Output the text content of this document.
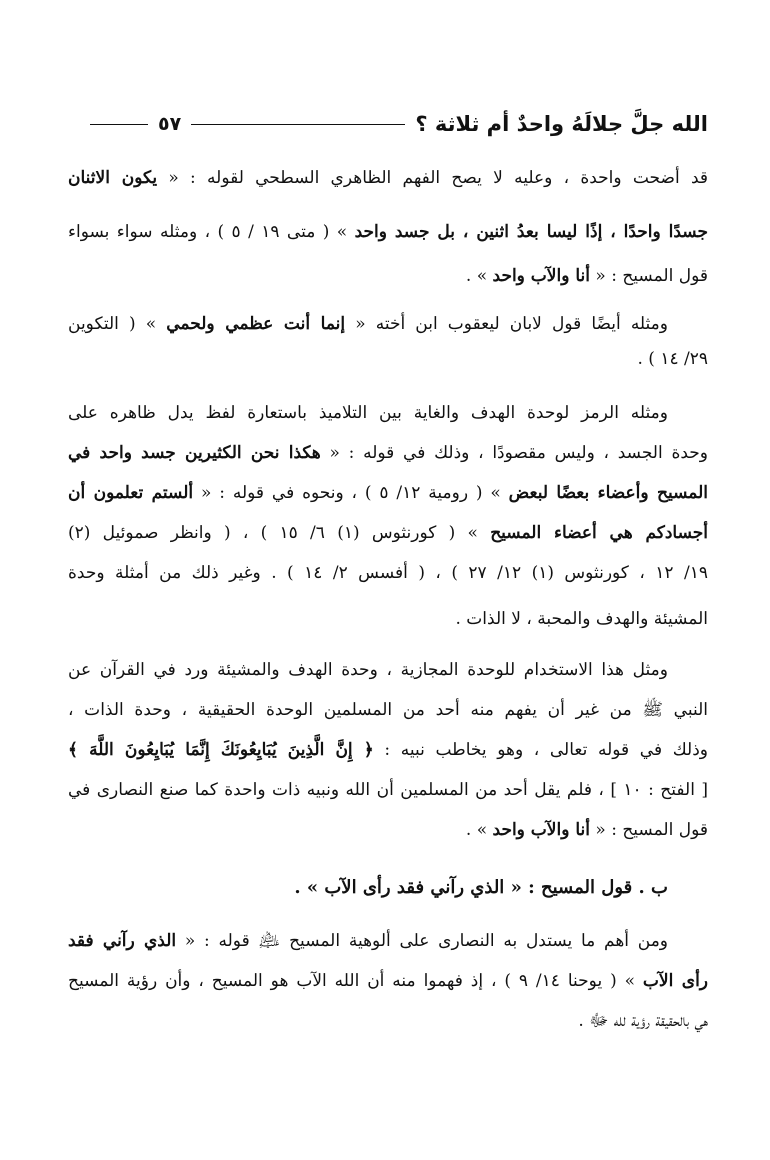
الله جلَّ جلالَهُ واحدٌ أم ثلاثة ؟
٥٧
قد أضحت واحدة ، وعليه لا يصح الفهم الظاهري السطحي لقوله : « يكون الاثنان
جسدًا واحدًا ، إذًا ليسا بعدُ اثنين ، بل جسد واحد » ( متى ١٩ / ٥ ) ، ومثله سواء بسواء
قول المسيح : « أنا والآب واحد » .
ومثله أيضًا قول لابان ليعقوب ابن أخته « إنما أنت عظمي ولحمي » ( التكوين
٢٩/ ١٤ ) .
ومثله الرمز لوحدة الهدف والغاية بين التلاميذ باستعارة لفظ يدل ظاهره على
وحدة الجسد ، وليس مقصودًا ، وذلك في قوله : « هكذا نحن الكثيرين جسد واحد في
المسيح وأعضاء بعضًا لبعض » ( رومية ١٢/ ٥ ) ، ونحوه في قوله : « ألستم تعلمون أن
أجسادكم هي أعضاء المسيح » ( كورنثوس (١) ٦/ ١٥ ) ، ( وانظر صموئيل (٢)
١٩/ ١٢ ، كورنثوس (١) ١٢/ ٢٧ ) ، ( أفسس ٢/ ١٤ ) . وغير ذلك من أمثلة وحدة
المشيئة والهدف والمحبة ، لا الذات .
ومثل هذا الاستخدام للوحدة المجازية ، وحدة الهدف والمشيئة ورد في القرآن عن
النبي ﷺ من غير أن يفهم منه أحد من المسلمين الوحدة الحقيقية ، وحدة الذات ،
وذلك في قوله تعالى ، وهو يخاطب نبيه : ﴿ إِنَّ الَّذِينَ يُبَايِعُونَكَ إِنَّمَا يُبَايِعُونَ اللَّهَ ﴾
[ الفتح : ١٠ ] ، فلم يقل أحد من المسلمين أن الله ونبيه ذات واحدة كما صنع النصارى في
قول المسيح : « أنا والآب واحد » .
ب . قول المسيح : « الذي رآني فقد رأى الآب » .
ومن أهم ما يستدل به النصارى على ألوهية المسيح ﵇ قوله : « الذي رآني فقد
رأى الآب » ( يوحنا ١٤/ ٩ ) ، إذ فهموا منه أن الله الآب هو المسيح ، وأن رؤية المسيح
هي بالحقيقة رؤية لله ﷻ .
